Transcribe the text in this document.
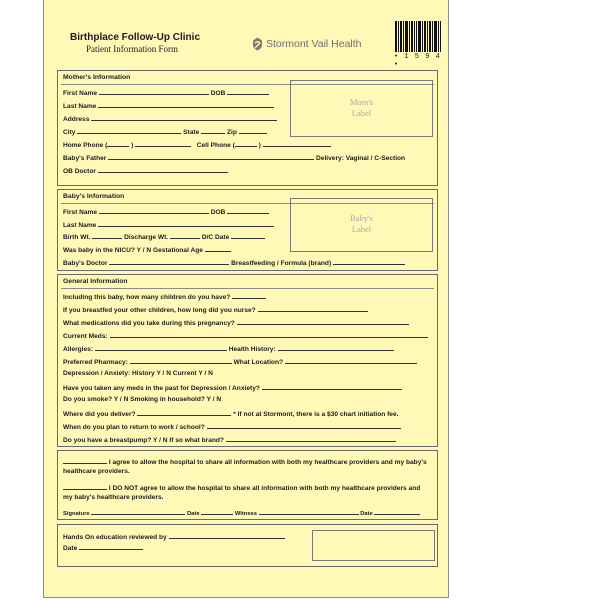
Birthplace Follow-Up Clinic
Patient Information Form	Stormont Vail Health
• 1 5 9 4 •
Mother's Information
Mom's
Label
First Name	DOB
Last Name
Address
City	State	Zip
Home Phone (	)	Cell Phone (	)
Baby's Father	Delivery: Vaginal / C-Section
OB Doctor
Baby's Information
Baby's
Label
First Name	DOB
Last Name
Birth Wt.	Discharge Wt.	D/C Date
Was baby in the NICU? Y / N Gestational Age
Baby's Doctor	Breastfeeding / Formula (brand)
General Information
Including this baby, how many children do you have?
If you breastfed your other children, how long did you nurse?
What medications did you take during this pregnancy?
Current Meds:
Allergies:	Health History:
Preferred Pharmacy:	What Location?
Depression / Anxiety: History Y / N Current Y / N
Have you taken any meds in the past for Depression / Anxiety?
Do you smoke? Y / N Smoking in household? Y / N
Where did you deliver?	* If not at Stormont, there is a $30 chart initiation fee.
When do you plan to return to work / school?
Do you have a breastpump? Y / N If so what brand?
I agree to allow the hospital to share all information with both my healthcare providers and my baby's healthcare providers.
I DO NOT agree to allow the hospital to share all information with both my healthcare providers and my baby's healthcare providers.
Signature	Date	Witness	Date
Hands On education reviewed by
Date
